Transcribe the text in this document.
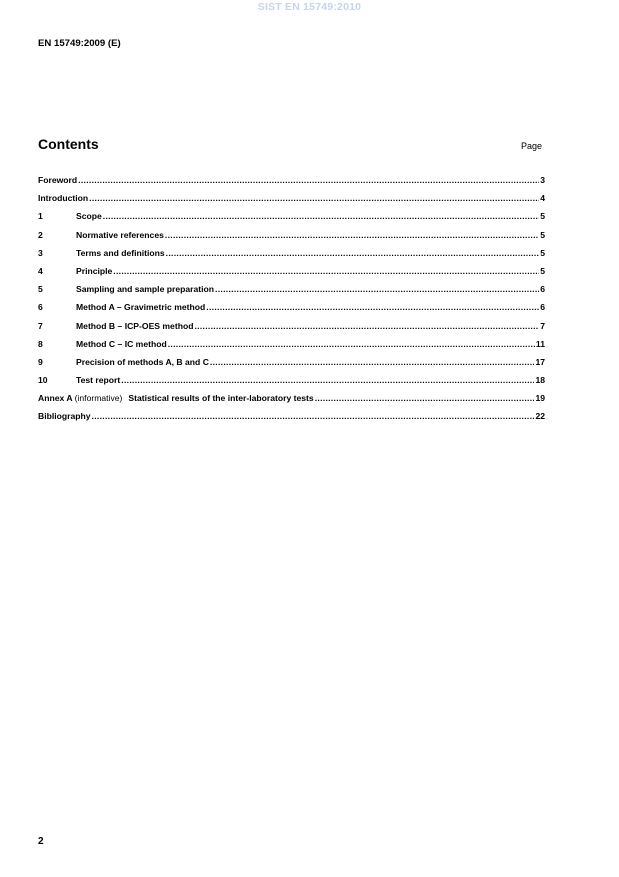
SIST EN 15749:2010
EN 15749:2009 (E)
Contents	Page
Foreword .....	3
Introduction .....	4
1	Scope .....	5
2	Normative references .....	5
3	Terms and definitions .....	5
4	Principle .....	5
5	Sampling and sample preparation .....	6
6	Method A – Gravimetric method .....	6
7	Method B – ICP-OES method .....	7
8	Method C – IC method .....	11
9	Precision of methods A, B and C .....	17
10	Test report .....	18
Annex A (informative) Statistical results of the inter-laboratory tests .....	19
Bibliography .....	22
2
